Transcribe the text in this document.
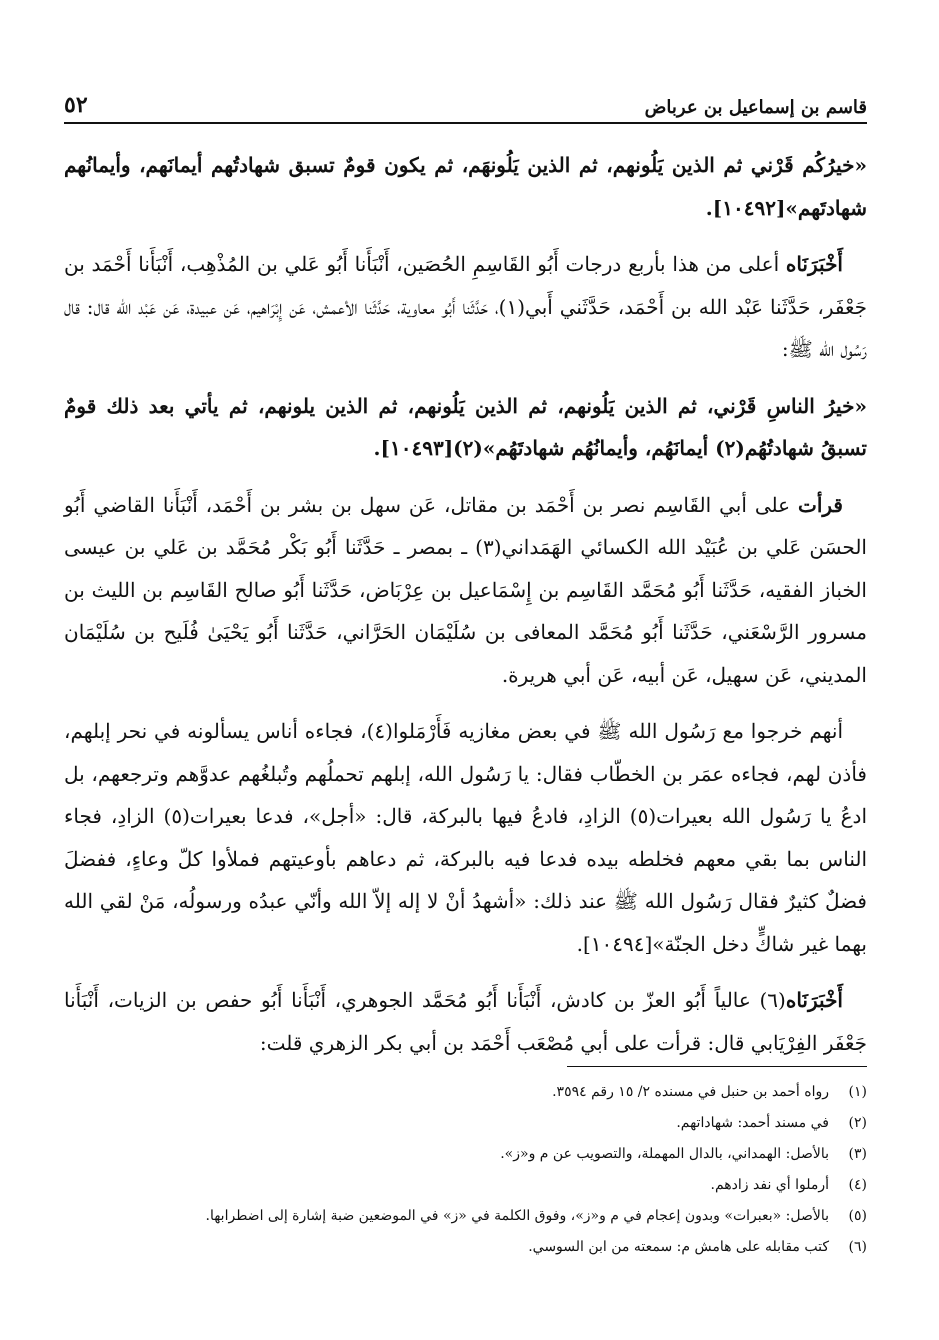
قاسم بن إسماعيل بن عرباض
٥٢

«خيرُكُم قَرْني ثم الذين يَلُونهم، ثم الذين يَلُونهَم، ثم يكون قومٌ تسبق شهادتُهم أيمانَهم، وأيمانُهم شهادتَهم»[١٠٤٩٢].

أَخْبَرَنَاه أعلى من هذا بأربع درجات أَبُو القَاسِمِ الحُصَين، أَنْبَأَنا أَبُو عَلي بن المُذْهِب، أَنْبَأَنا أَحْمَد بن جَعْفَر، حَدَّثَنا عَبْد الله بن أَحْمَد، حَدَّثَني أَبي(١)، حَدَّثَنا أَبُو معاوية، حَدَّثَنا الأعمش، عَن إِبْرَاهيم، عَن عبيدة، عَن عَبْد الله قال: قال رَسُول الله ﷺ:

«خيرُ الناسِ قَرْني، ثم الذين يَلُونهم، ثم الذين يَلُونهم، ثم الذين يلونهم، ثم يأتي بعد ذلك قومٌ تسبقُ شهادتُهُم(٢) أيمانَهُم، وأيمانُهُم شهادتَهُم»(٢)[١٠٤٩٣].

قرأت على أبي القَاسِم نصر بن أَحْمَد بن مقاتل، عَن سهل بن بشر بن أَحْمَد، أَنْبَأَنا القاضي أَبُو الحسَن عَلي بن عُبَيْد الله الكسائي الهَمَداني(٣) ـ بمصر ـ حَدَّثَنا أَبُو بَكْر مُحَمَّد بن عَلي بن عيسى الخباز الفقيه، حَدَّثَنا أَبُو مُحَمَّد القَاسِم بن إِسْمَاعيل بن عِرْبَاض، حَدَّثَنا أَبُو صالح القَاسِم بن الليث بن مسرور الرَّسْعَني، حَدَّثَنا أَبُو مُحَمَّد المعافى بن سُلَيْمَان الحَرَّاني، حَدَّثَنا أَبُو يَحْيَىٰ فُلَيح بن سُلَيْمَان المديني، عَن سهيل، عَن أبيه، عَن أبي هريرة.

أنهم خرجوا مع رَسُول الله ﷺ في بعض مغازيه فَأَرْمَلوا(٤)، فجاءه أناس يسألونه في نحر إبلهم، فأذن لهم، فجاءه عمَر بن الخطّاب فقال: يا رَسُول الله، إبلهم تحملُهم وتُبلغُهم عدوَّهم وترجعهم، بل ادعُ يا رَسُول الله بعيرات(٥) الزادِ، فادعُ فيها بالبركة، قال: «أجل»، فدعا بعيرات(٥) الزادِ، فجاء الناس بما بقي معهم فخلطه بيده فدعا فيه بالبركة، ثم دعاهم بأوعيتهم فملأوا كلّ وعاءٍ، ففضلَ فضلٌ كثيرٌ فقال رَسُول الله ﷺ عند ذلك: «أشهدُ أنْ لا إله إلاّ الله وأنّي عبدُه ورسولُه، مَنْ لقي الله بهما غير شاكٍّ دخل الجنّة»[١٠٤٩٤].

أَخْبَرَنَاه(٦) عالياً أَبُو العزّ بن كادش، أَنْبَأَنا أَبُو مُحَمَّد الجوهري، أَنْبَأَنا أَبُو حفص بن الزيات، أَنْبَأَنا جَعْفَر الفِرْيَابي قال: قرأت على أبي مُصْعَب أَحْمَد بن أبي بكر الزهري قلت:

(١)رواه أحمد بن حنبل في مسنده ٢/ ١٥ رقم ٣٥٩٤.
(٢)في مسند أحمد: شهاداتهم.
(٣)بالأصل: الهمداني، بالدال المهملة، والتصويب عن م و«ز».
(٤)أرملوا أي نفد زادهم.
(٥)بالأصل: «بعبرات» وبدون إعجام في م و«ز»، وفوق الكلمة في «ز» في الموضعين ضبة إشارة إلى اضطرابها.
(٦)كتب مقابله على هامش م: سمعته من ابن السوسي.
